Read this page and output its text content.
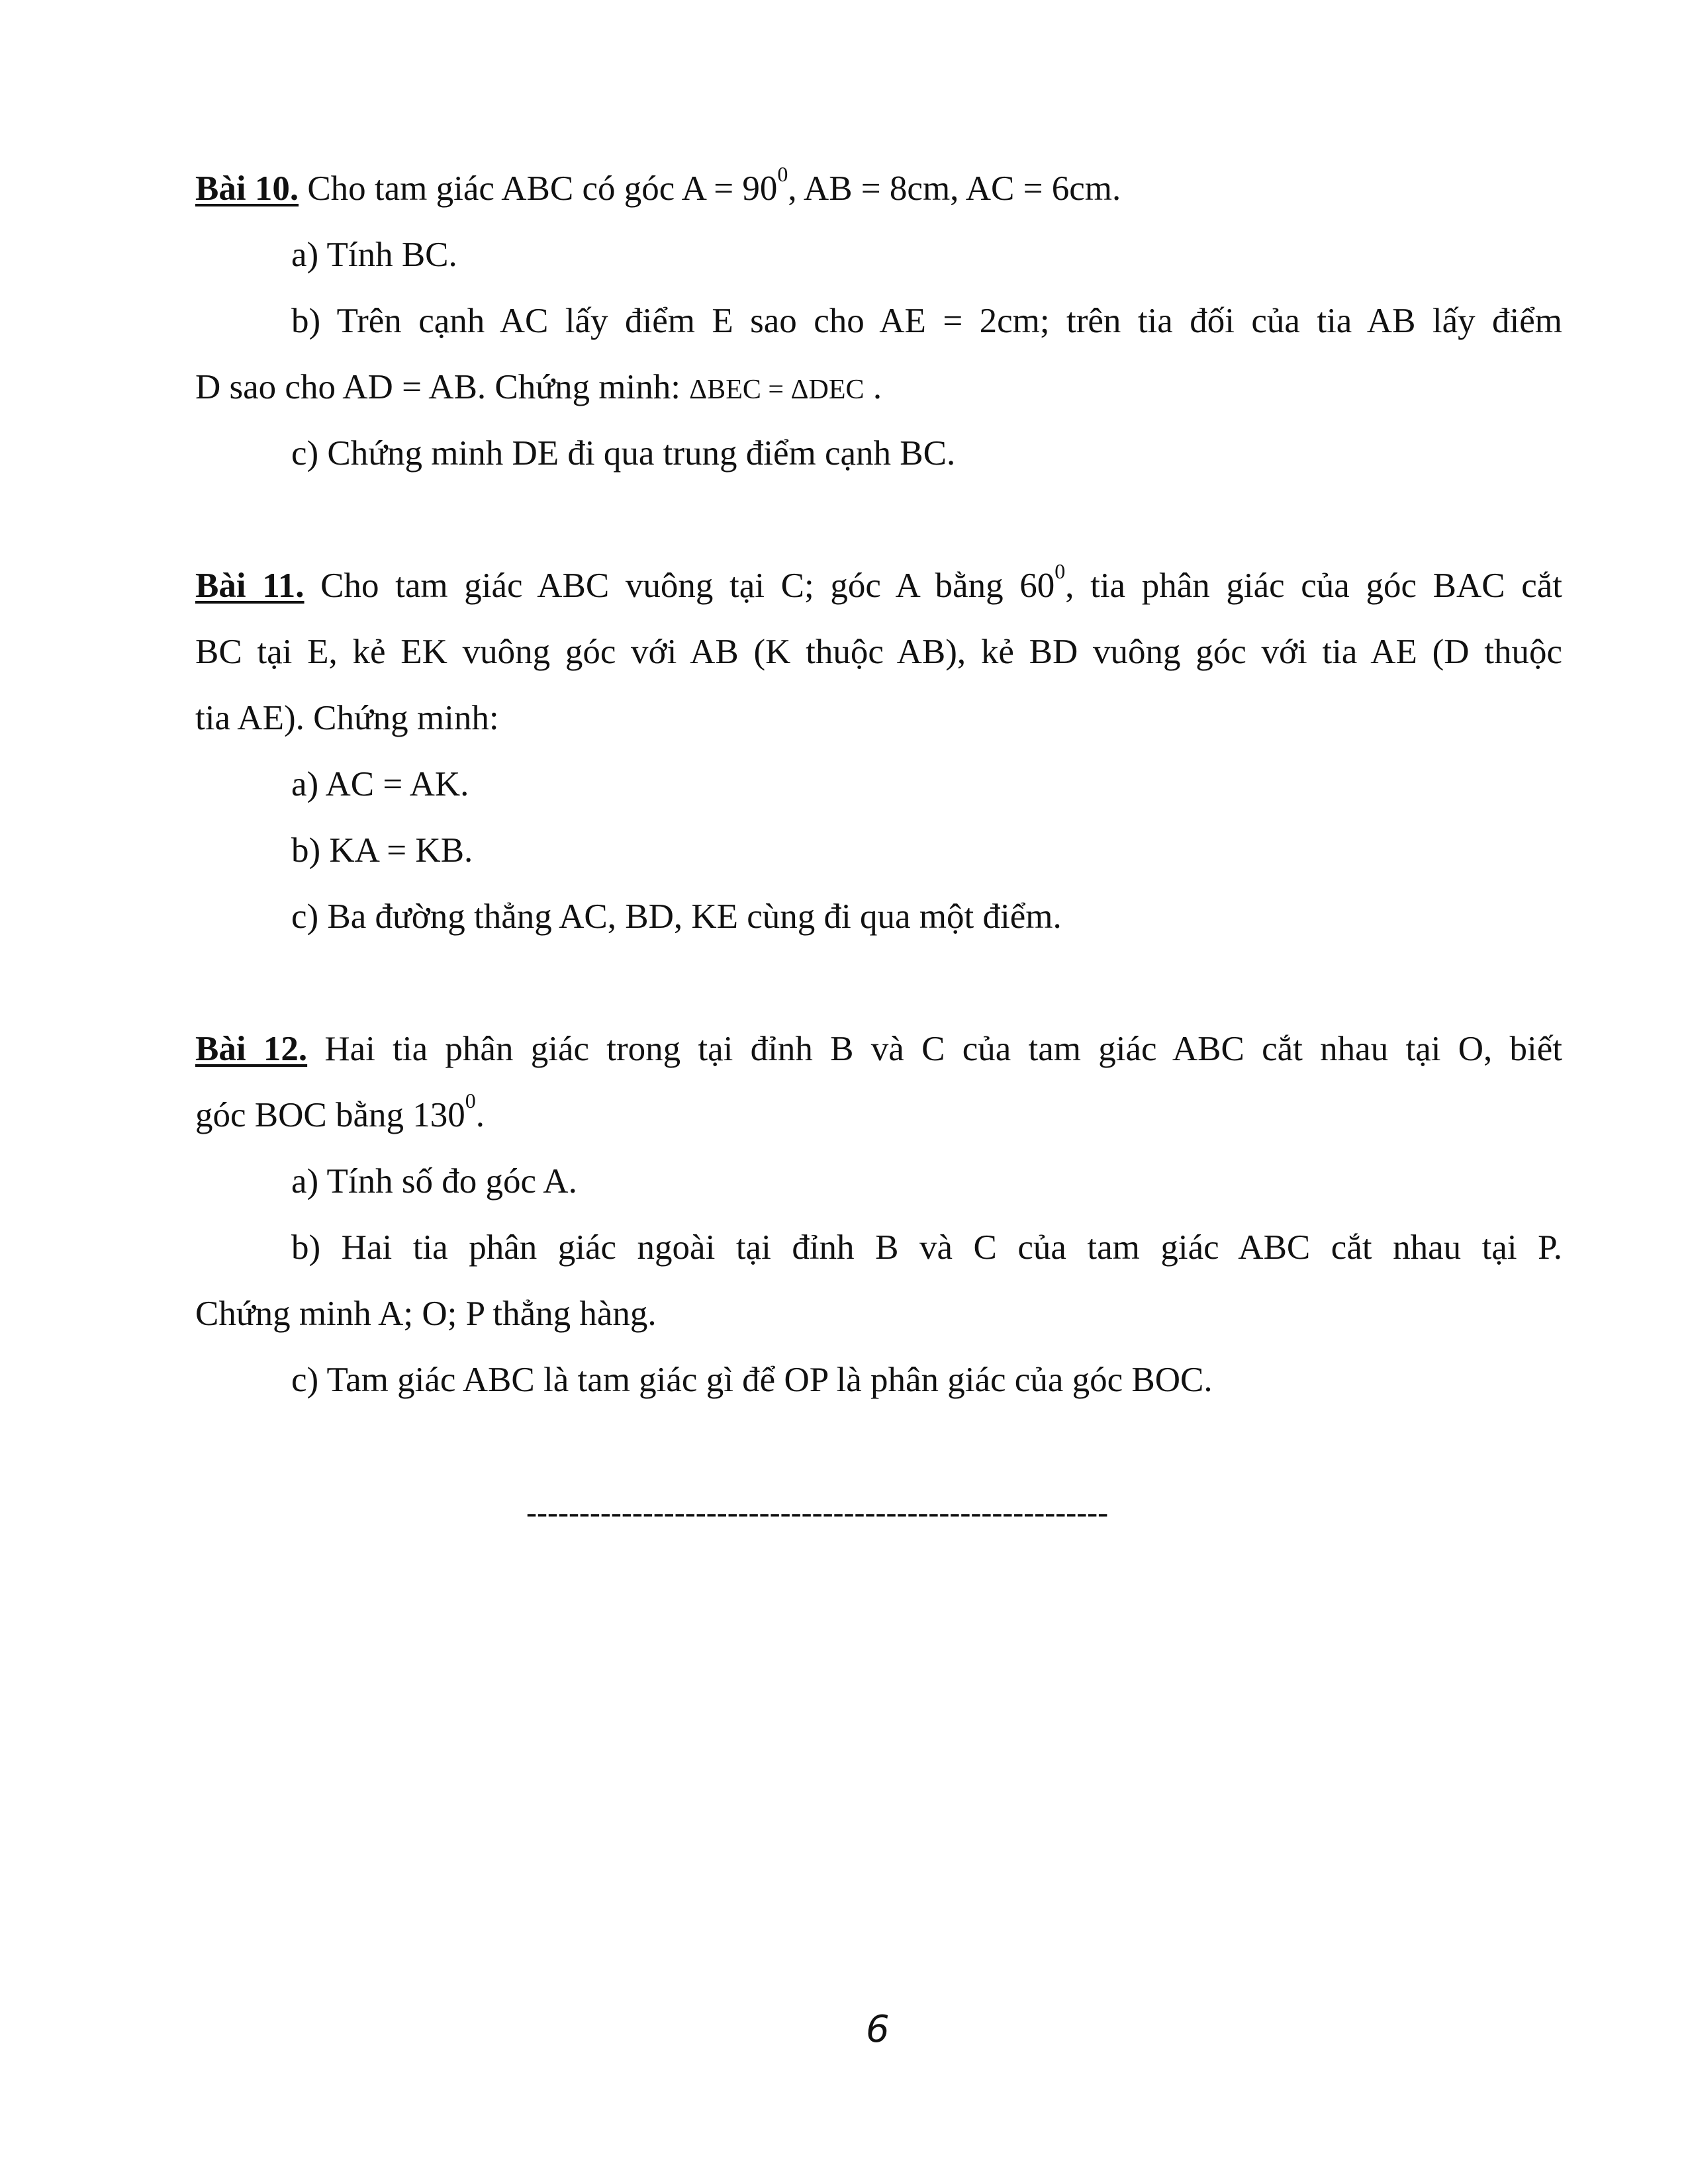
Bài 10. Cho tam giác ABC có góc $A = 90^0$, AB = 8cm, AC = 6cm.
a) Tính BC.
b) Trên cạnh AC lấy điểm E sao cho AE = 2cm; trên tia đối của tia AB lấy điểm
D sao cho AD = AB. Chứng minh: ΔBEC = ΔDEC .
c) Chứng minh DE đi qua trung điểm cạnh BC.
Bài 11. Cho tam giác ABC vuông tại C; góc A bằng $60^0$, tia phân giác của góc BAC cắt
BC tại E, kẻ EK vuông góc với AB (K thuộc AB), kẻ BD vuông góc với tia AE (D thuộc
tia AE). Chứng minh:
a) AC = AK.
b) KA = KB.
c) Ba đường thẳng AC, BD, KE cùng đi qua một điểm.
Bài 12. Hai tia phân giác trong tại đỉnh B và C của tam giác ABC cắt nhau tại O, biết
góc BOC bằng $130^0$.
a) Tính số đo góc A.
b) Hai tia phân giác ngoài tại đỉnh B và C của tam giác ABC cắt nhau tại P.
Chứng minh A; O; P thẳng hàng.
c) Tam giác ABC là tam giác gì để OP là phân giác của góc BOC.
-------------------------------------------------------
6
